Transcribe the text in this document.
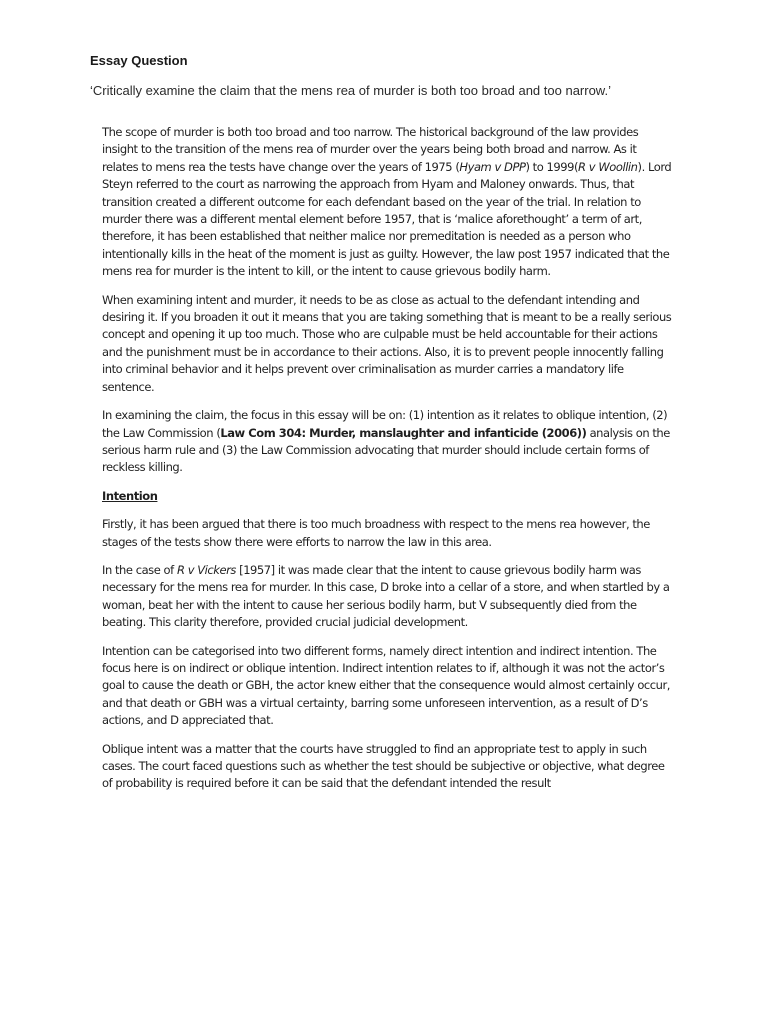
Essay Question

‘Critically examine the claim that the mens rea of murder is both too broad and too narrow.’

The scope of murder is both too broad and too narrow. The historical background of the law provides insight to the transition of the mens rea of murder over the years being both broad and narrow. As it relates to mens rea the tests have change over the years of 1975 (Hyam v DPP) to 1999(R v Woollin). Lord Steyn referred to the court as narrowing the approach from Hyam and Maloney onwards. Thus, that transition created a different outcome for each defendant based on the year of the trial. In relation to murder there was a different mental element before 1957, that is ‘malice aforethought’ a term of art, therefore, it has been established that neither malice nor premeditation is needed as a person who intentionally kills in the heat of the moment is just as guilty. However, the law post 1957 indicated that the mens rea for murder is the intent to kill, or the intent to cause grievous bodily harm.

When examining intent and murder, it needs to be as close as actual to the defendant intending and desiring it. If you broaden it out it means that you are taking something that is meant to be a really serious concept and opening it up too much. Those who are culpable must be held accountable for their actions and the punishment must be in accordance to their actions. Also, it is to prevent people innocently falling into criminal behavior and it helps prevent over criminalisation as murder carries a mandatory life sentence.

In examining the claim, the focus in this essay will be on: (1) intention as it relates to oblique intention, (2) the Law Commission (Law Com 304: Murder, manslaughter and infanticide (2006)) analysis on the serious harm rule and (3) the Law Commission advocating that murder should include certain forms of reckless killing.

Intention

Firstly, it has been argued that there is too much broadness with respect to the mens rea however, the stages of the tests show there were efforts to narrow the law in this area.

In the case of R v Vickers [1957] it was made clear that the intent to cause grievous bodily harm was necessary for the mens rea for murder. In this case, D broke into a cellar of a store, and when startled by a woman, beat her with the intent to cause her serious bodily harm, but V subsequently died from the beating. This clarity therefore, provided crucial judicial development.

Intention can be categorised into two different forms, namely direct intention and indirect intention. The focus here is on indirect or oblique intention. Indirect intention relates to if, although it was not the actor’s goal to cause the death or GBH, the actor knew either that the consequence would almost certainly occur, and that death or GBH was a virtual certainty, barring some unforeseen intervention, as a result of D’s actions, and D appreciated that.

Oblique intent was a matter that the courts have struggled to find an appropriate test to apply in such cases. The court faced questions such as whether the test should be subjective or objective, what degree of probability is required before it can be said that the defendant intended the result
